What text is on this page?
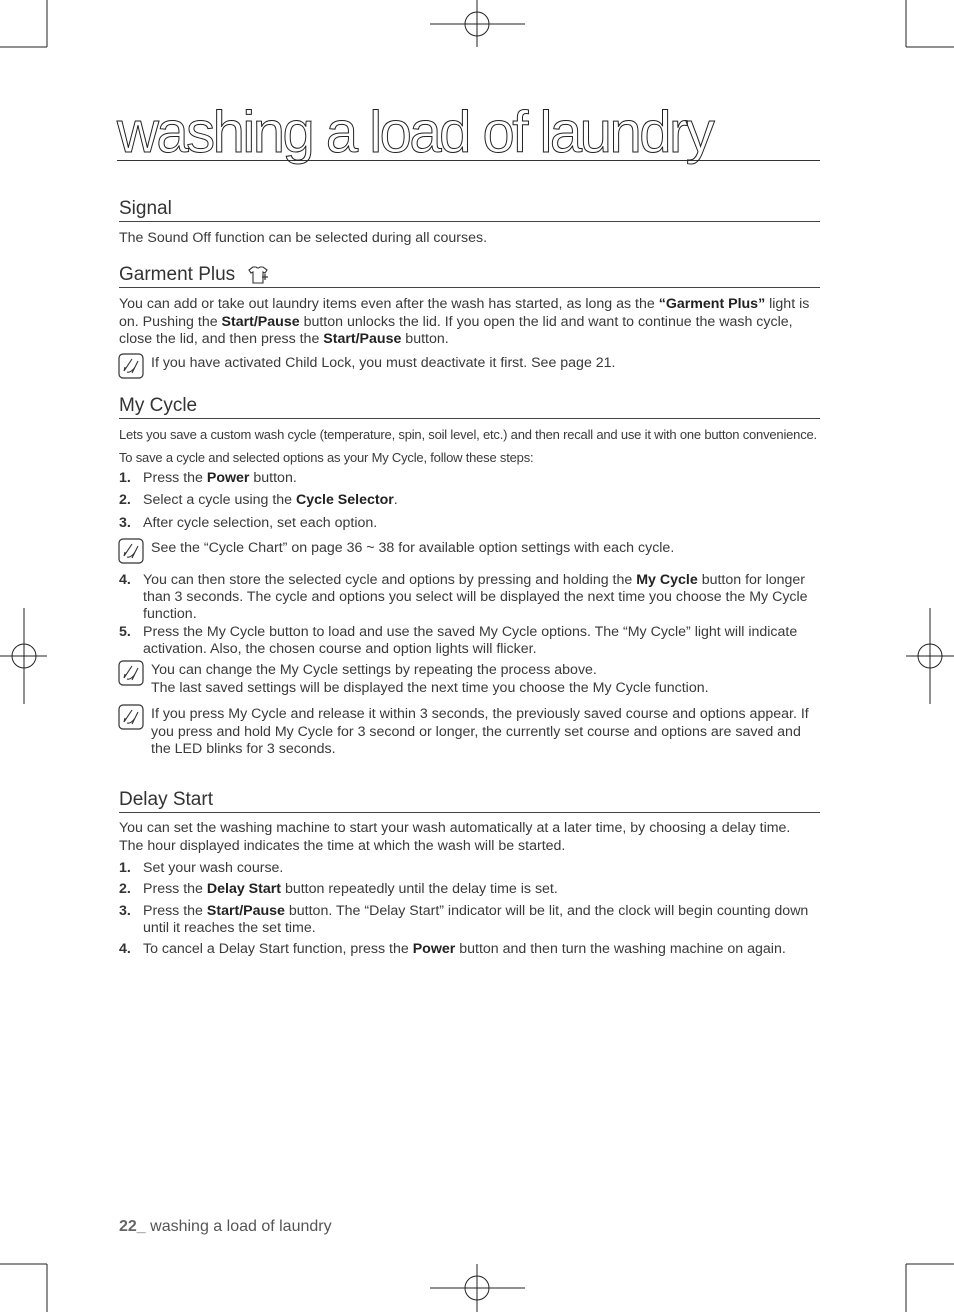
washing a load of laundry
Signal

The Sound Off function can be selected during all courses.

Garment Plus

You can add or take out laundry items even after the wash has started, as long as the “Garment Plus” light is on. Pushing the Start/Pause button unlocks the lid. If you open the lid and want to continue the wash cycle, close the lid, and then press the Start/Pause button.

If you have activated Child Lock, you must deactivate it first. See page 21.
My Cycle

Lets you save a custom wash cycle (temperature, spin, soil level, etc.) and then recall and use it with one button convenience.

To save a cycle and selected options as your My Cycle, follow these steps:

1. Press the Power button.
2. Select a cycle using the Cycle Selector.
3. After cycle selection, set each option.
See the “Cycle Chart” on page 36 ~ 38 for available option settings with each cycle.
4. You can then store the selected cycle and options by pressing and holding the My Cycle button for longer than 3 seconds. The cycle and options you select will be displayed the next time you choose the My Cycle function.
5. Press the My Cycle button to load and use the saved My Cycle options. The “My Cycle” light will indicate activation. Also, the chosen course and option lights will flicker.
You can change the My Cycle settings by repeating the process above.
The last saved settings will be displayed the next time you choose the My Cycle function.
If you press My Cycle and release it within 3 seconds, the previously saved course and options appear. If you press and hold My Cycle for 3 second or longer, the currently set course and options are saved and the LED blinks for 3 seconds.
Delay Start

You can set the washing machine to start your wash automatically at a later time, by choosing a delay time.
The hour displayed indicates the time at which the wash will be started.

1. Set your wash course.
2. Press the Delay Start button repeatedly until the delay time is set.
3. Press the Start/Pause button. The “Delay Start” indicator will be lit, and the clock will begin counting down until it reaches the set time.
4. To cancel a Delay Start function, press the Power button and then turn the washing machine on again.
22_ washing a load of laundry
